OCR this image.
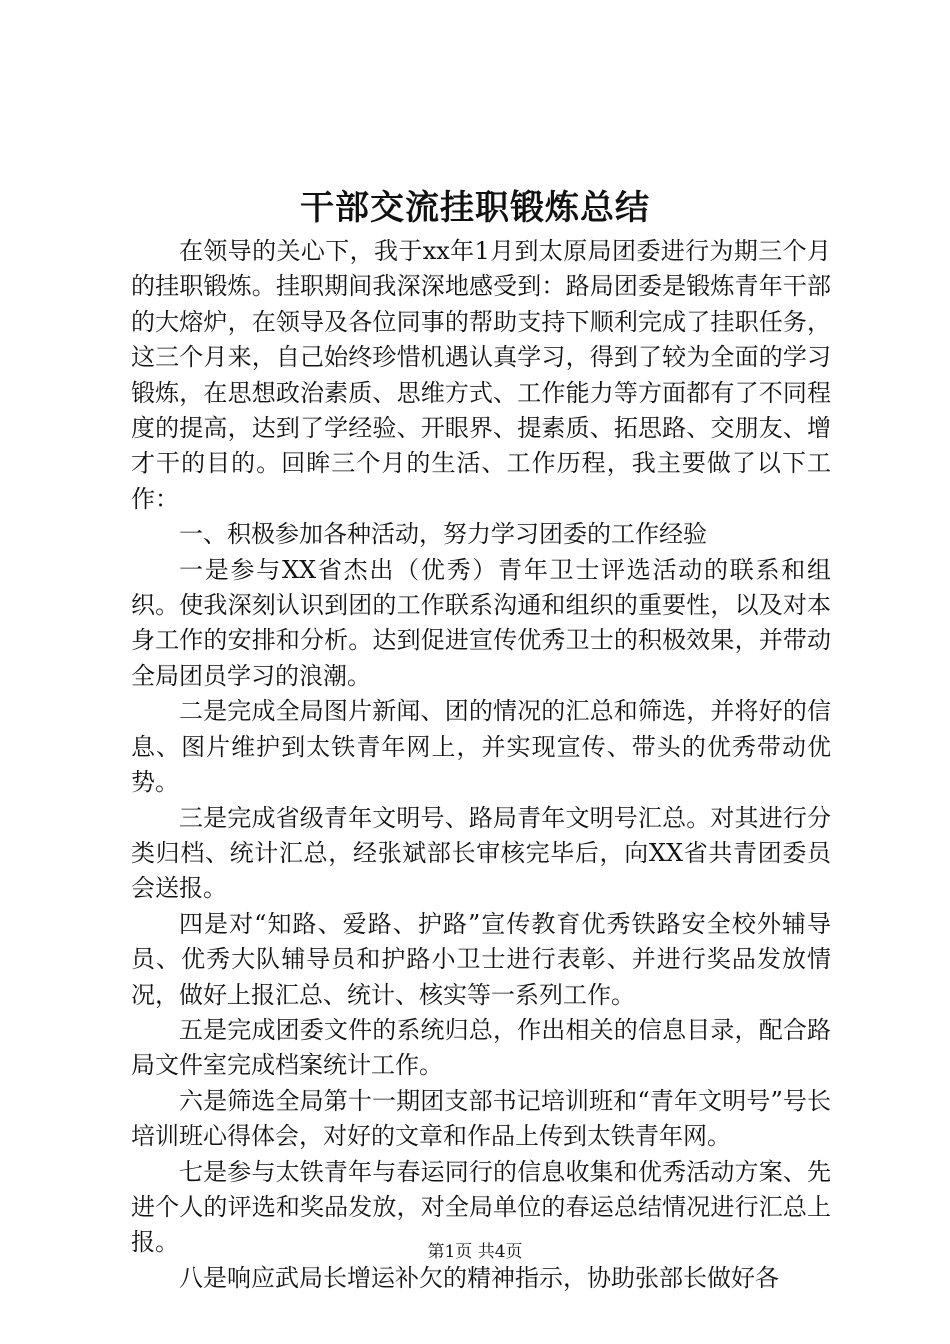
干部交流挂职锻炼总结

在领导的关心下，我于xx年1月到太原局团委进行为期三个月的挂职锻炼。挂职期间我深深地感受到：路局团委是锻炼青年干部的大熔炉，在领导及各位同事的帮助支持下顺利完成了挂职任务，这三个月来，自己始终珍惜机遇认真学习，得到了较为全面的学习锻炼，在思想政治素质、思维方式、工作能力等方面都有了不同程度的提高，达到了学经验、开眼界、提素质、拓思路、交朋友、增才干的目的。回眸三个月的生活、工作历程，我主要做了以下工作：

一、积极参加各种活动，努力学习团委的工作经验

一是参与XX省杰出（优秀）青年卫士评选活动的联系和组织。使我深刻认识到团的工作联系沟通和组织的重要性，以及对本身工作的安排和分析。达到促进宣传优秀卫士的积极效果，并带动全局团员学习的浪潮。

二是完成全局图片新闻、团的情况的汇总和筛选，并将好的信息、图片维护到太铁青年网上，并实现宣传、带头的优秀带动优势。

三是完成省级青年文明号、路局青年文明号汇总。对其进行分类归档、统计汇总，经张斌部长审核完毕后，向XX省共青团委员会送报。

四是对“知路、爱路、护路”宣传教育优秀铁路安全校外辅导员、优秀大队辅导员和护路小卫士进行表彰、并进行奖品发放情况，做好上报汇总、统计、核实等一系列工作。

五是完成团委文件的系统归总，作出相关的信息目录，配合路局文件室完成档案统计工作。

六是筛选全局第十一期团支部书记培训班和“青年文明号”号长培训班心得体会，对好的文章和作品上传到太铁青年网。

七是参与太铁青年与春运同行的信息收集和优秀活动方案、先进个人的评选和奖品发放，对全局单位的春运总结情况进行汇总上报。

八是响应武局长增运补欠的精神指示，协助张部长做好各

第1页 共4页
